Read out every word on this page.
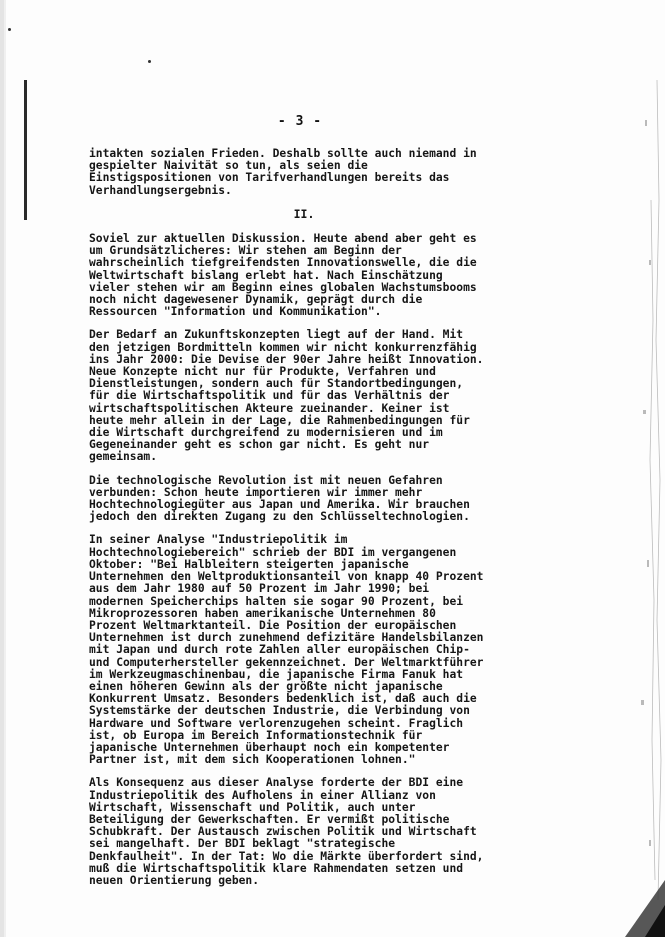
- 3 -

intakten sozialen Frieden. Deshalb sollte auch niemand in
gespielter Naivität so tun, als seien die
Einstigspositionen von Tarifverhandlungen bereits das
Verhandlungsergebnis.

II.

Soviel zur aktuellen Diskussion. Heute abend aber geht es
um Grundsätzlicheres: Wir stehen am Beginn der
wahrscheinlich tiefgreifendsten Innovationswelle, die die
Weltwirtschaft bislang erlebt hat. Nach Einschätzung
vieler stehen wir am Beginn eines globalen Wachstumsbooms
noch nicht dagewesener Dynamik, geprägt durch die
Ressourcen "Information und Kommunikation".

Der Bedarf an Zukunftskonzepten liegt auf der Hand. Mit
den jetzigen Bordmitteln kommen wir nicht konkurrenzfähig
ins Jahr 2000: Die Devise der 90er Jahre heißt Innovation.
Neue Konzepte nicht nur für Produkte, Verfahren und
Dienstleistungen, sondern auch für Standortbedingungen,
für die Wirtschaftspolitik und für das Verhältnis der
wirtschaftspolitischen Akteure zueinander. Keiner ist
heute mehr allein in der Lage, die Rahmenbedingungen für
die Wirtschaft durchgreifend zu modernisieren und im
Gegeneinander geht es schon gar nicht. Es geht nur
gemeinsam.

Die technologische Revolution ist mit neuen Gefahren
verbunden: Schon heute importieren wir immer mehr
Hochtechnologiegüter aus Japan und Amerika. Wir brauchen
jedoch den direkten Zugang zu den Schlüsseltechnologien.

In seiner Analyse "Industriepolitik im
Hochtechnologiebereich" schrieb der BDI im vergangenen
Oktober: "Bei Halbleitern steigerten japanische
Unternehmen den Weltproduktionsanteil von knapp 40 Prozent
aus dem Jahr 1980 auf 50 Prozent im Jahr 1990; bei
modernen Speicherchips halten sie sogar 90 Prozent, bei
Mikroprozessoren haben amerikanische Unternehmen 80
Prozent Weltmarktanteil. Die Position der europäischen
Unternehmen ist durch zunehmend defizitäre Handelsbilanzen
mit Japan und durch rote Zahlen aller europäischen Chip-
und Computerhersteller gekennzeichnet. Der Weltmarktführer
im Werkzeugmaschinenbau, die japanische Firma Fanuk hat
einen höheren Gewinn als der größte nicht japanische
Konkurrent Umsatz. Besonders bedenklich ist, daß auch die
Systemstärke der deutschen Industrie, die Verbindung von
Hardware und Software verlorenzugehen scheint. Fraglich
ist, ob Europa im Bereich Informationstechnik für
japanische Unternehmen überhaupt noch ein kompetenter
Partner ist, mit dem sich Kooperationen lohnen."

Als Konsequenz aus dieser Analyse forderte der BDI eine
Industriepolitik des Aufholens in einer Allianz von
Wirtschaft, Wissenschaft und Politik, auch unter
Beteiligung der Gewerkschaften. Er vermißt politische
Schubkraft. Der Austausch zwischen Politik und Wirtschaft
sei mangelhaft. Der BDI beklagt "strategische
Denkfaulheit". In der Tat: Wo die Märkte überfordert sind,
muß die Wirtschaftspolitik klare Rahmendaten setzen und
neuen Orientierung geben.
